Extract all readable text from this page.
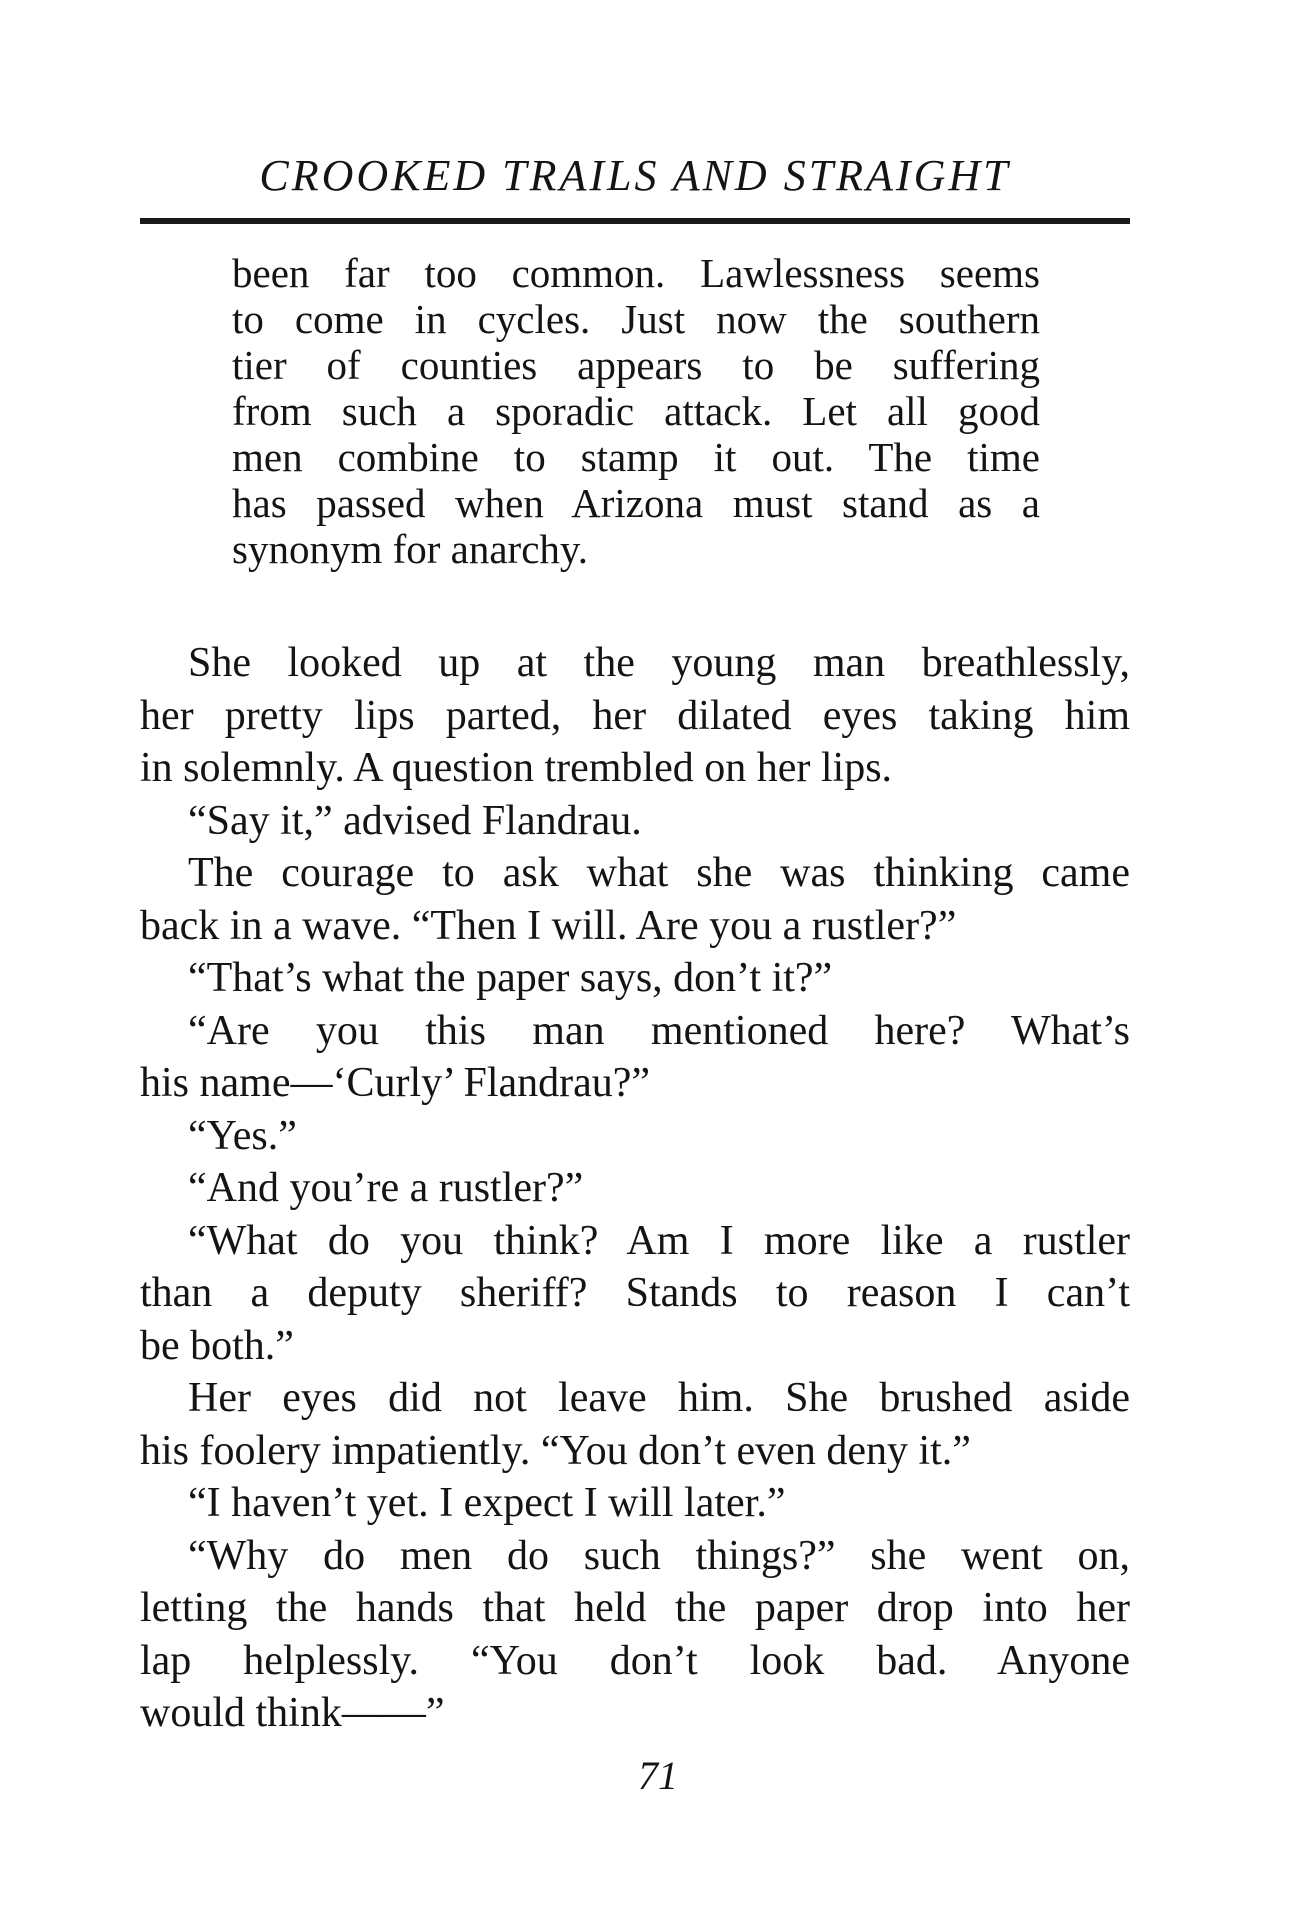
CROOKED TRAILS AND STRAIGHT
been far too common. Lawlessness seems
to come in cycles. Just now the southern
tier of counties appears to be suffering
from such a sporadic attack. Let all good
men combine to stamp it out. The time
has passed when Arizona must stand as a
synonym for anarchy.
She looked up at the young man breathlessly,
her pretty lips parted, her dilated eyes taking him
in solemnly. A question trembled on her lips.
“Say it,” advised Flandrau.
The courage to ask what she was thinking came
back in a wave. “Then I will. Are you a rustler?”
“That’s what the paper says, don’t it?”
“Are you this man mentioned here? What’s
his name—‘Curly’ Flandrau?”
“Yes.”
“And you’re a rustler?”
“What do you think? Am I more like a rustler
than a deputy sheriff? Stands to reason I can’t
be both.”
Her eyes did not leave him. She brushed aside
his foolery impatiently. “You don’t even deny it.”
“I haven’t yet. I expect I will later.”
“Why do men do such things?” she went on,
letting the hands that held the paper drop into her
lap helplessly. “You don’t look bad. Anyone
would think——”
71
